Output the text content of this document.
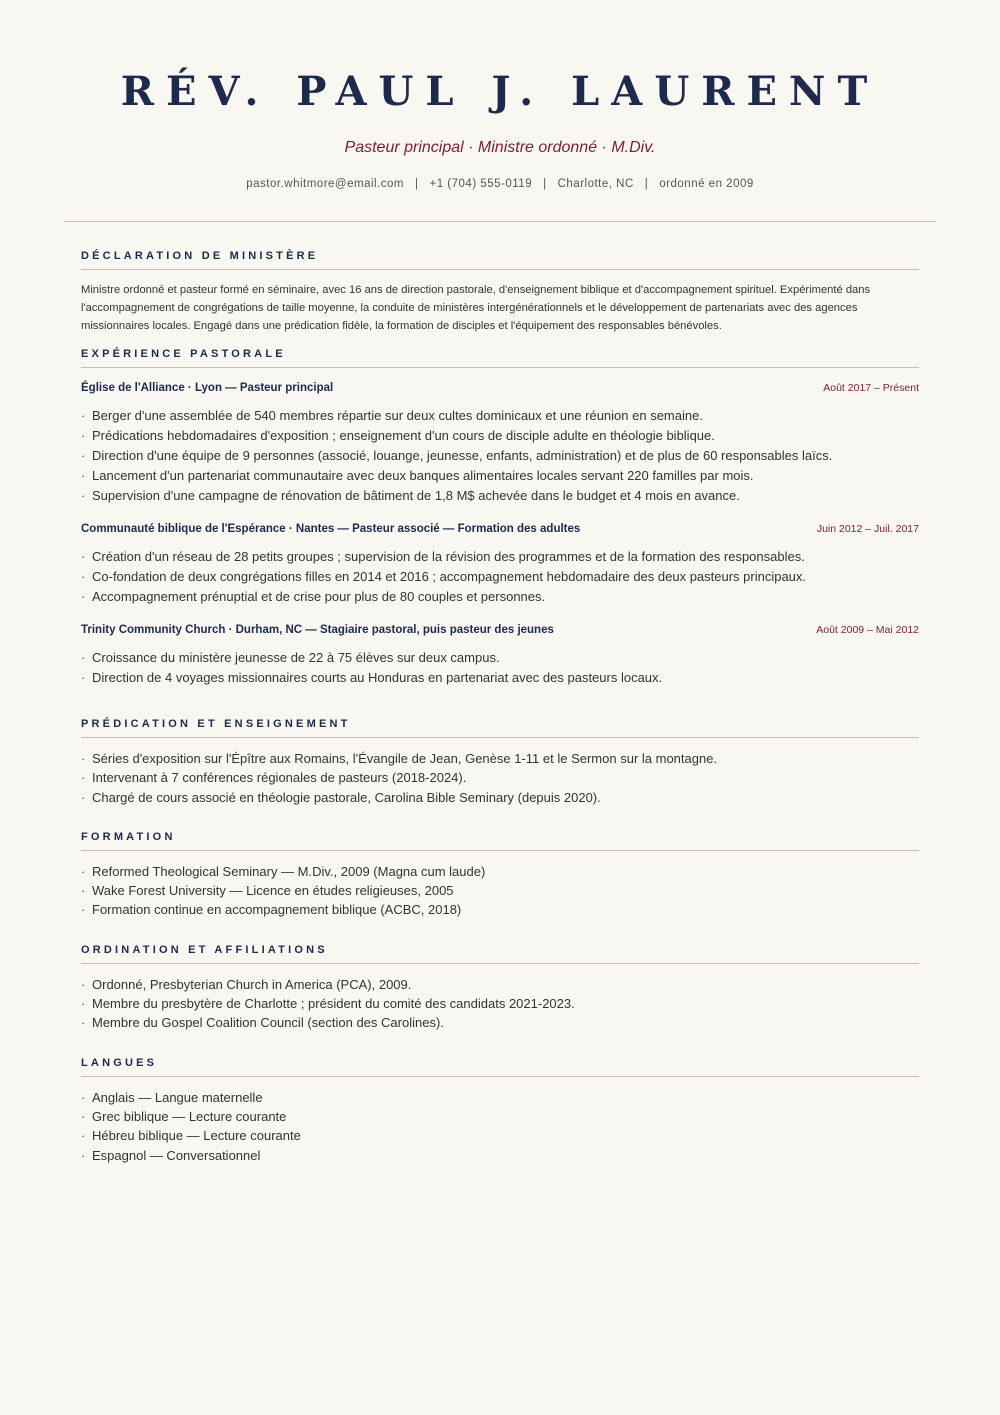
RÉV. PAUL J. LAURENT
Pasteur principal · Ministre ordonné · M.Div.
pastor.whitmore@email.com | +1 (704) 555-0119 | Charlotte, NC | ordonné en 2009
DÉCLARATION DE MINISTÈRE

Ministre ordonné et pasteur formé en séminaire, avec 16 ans de direction pastorale, d'enseignement biblique et d'accompagnement spirituel. Expérimenté dans l'accompagnement de congrégations de taille moyenne, la conduite de ministères intergénérationnels et le développement de partenariats avec des agences missionnaires locales. Engagé dans une prédication fidèle, la formation de disciples et l'équipement des responsables bénévoles.

EXPÉRIENCE PASTORALE
Église de l'Alliance · Lyon — Pasteur principal	Août 2017 – Présent
· Berger d'une assemblée de 540 membres répartie sur deux cultes dominicaux et une réunion en semaine.
· Prédications hebdomadaires d'exposition ; enseignement d'un cours de disciple adulte en théologie biblique.
· Direction d'une équipe de 9 personnes (associé, louange, jeunesse, enfants, administration) et de plus de 60 responsables laïcs.
· Lancement d'un partenariat communautaire avec deux banques alimentaires locales servant 220 familles par mois.
· Supervision d'une campagne de rénovation de bâtiment de 1,8 M$ achevée dans le budget et 4 mois en avance.
Communauté biblique de l'Espérance · Nantes — Pasteur associé — Formation des adultes	Juin 2012 – Juil. 2017
· Création d'un réseau de 28 petits groupes ; supervision de la révision des programmes et de la formation des responsables.
· Co-fondation de deux congrégations filles en 2014 et 2016 ; accompagnement hebdomadaire des deux pasteurs principaux.
· Accompagnement prénuptial et de crise pour plus de 80 couples et personnes.
Trinity Community Church · Durham, NC — Stagiaire pastoral, puis pasteur des jeunes	Août 2009 – Mai 2012
· Croissance du ministère jeunesse de 22 à 75 élèves sur deux campus.
· Direction de 4 voyages missionnaires courts au Honduras en partenariat avec des pasteurs locaux.
PRÉDICATION ET ENSEIGNEMENT
· Séries d'exposition sur l'Épître aux Romains, l'Évangile de Jean, Genèse 1-11 et le Sermon sur la montagne.
· Intervenant à 7 conférences régionales de pasteurs (2018-2024).
· Chargé de cours associé en théologie pastorale, Carolina Bible Seminary (depuis 2020).
FORMATION
· Reformed Theological Seminary — M.Div., 2009 (Magna cum laude)
· Wake Forest University — Licence en études religieuses, 2005
· Formation continue en accompagnement biblique (ACBC, 2018)
ORDINATION ET AFFILIATIONS
· Ordonné, Presbyterian Church in America (PCA), 2009.
· Membre du presbytère de Charlotte ; président du comité des candidats 2021-2023.
· Membre du Gospel Coalition Council (section des Carolines).
LANGUES
· Anglais — Langue maternelle
· Grec biblique — Lecture courante
· Hébreu biblique — Lecture courante
· Espagnol — Conversationnel
